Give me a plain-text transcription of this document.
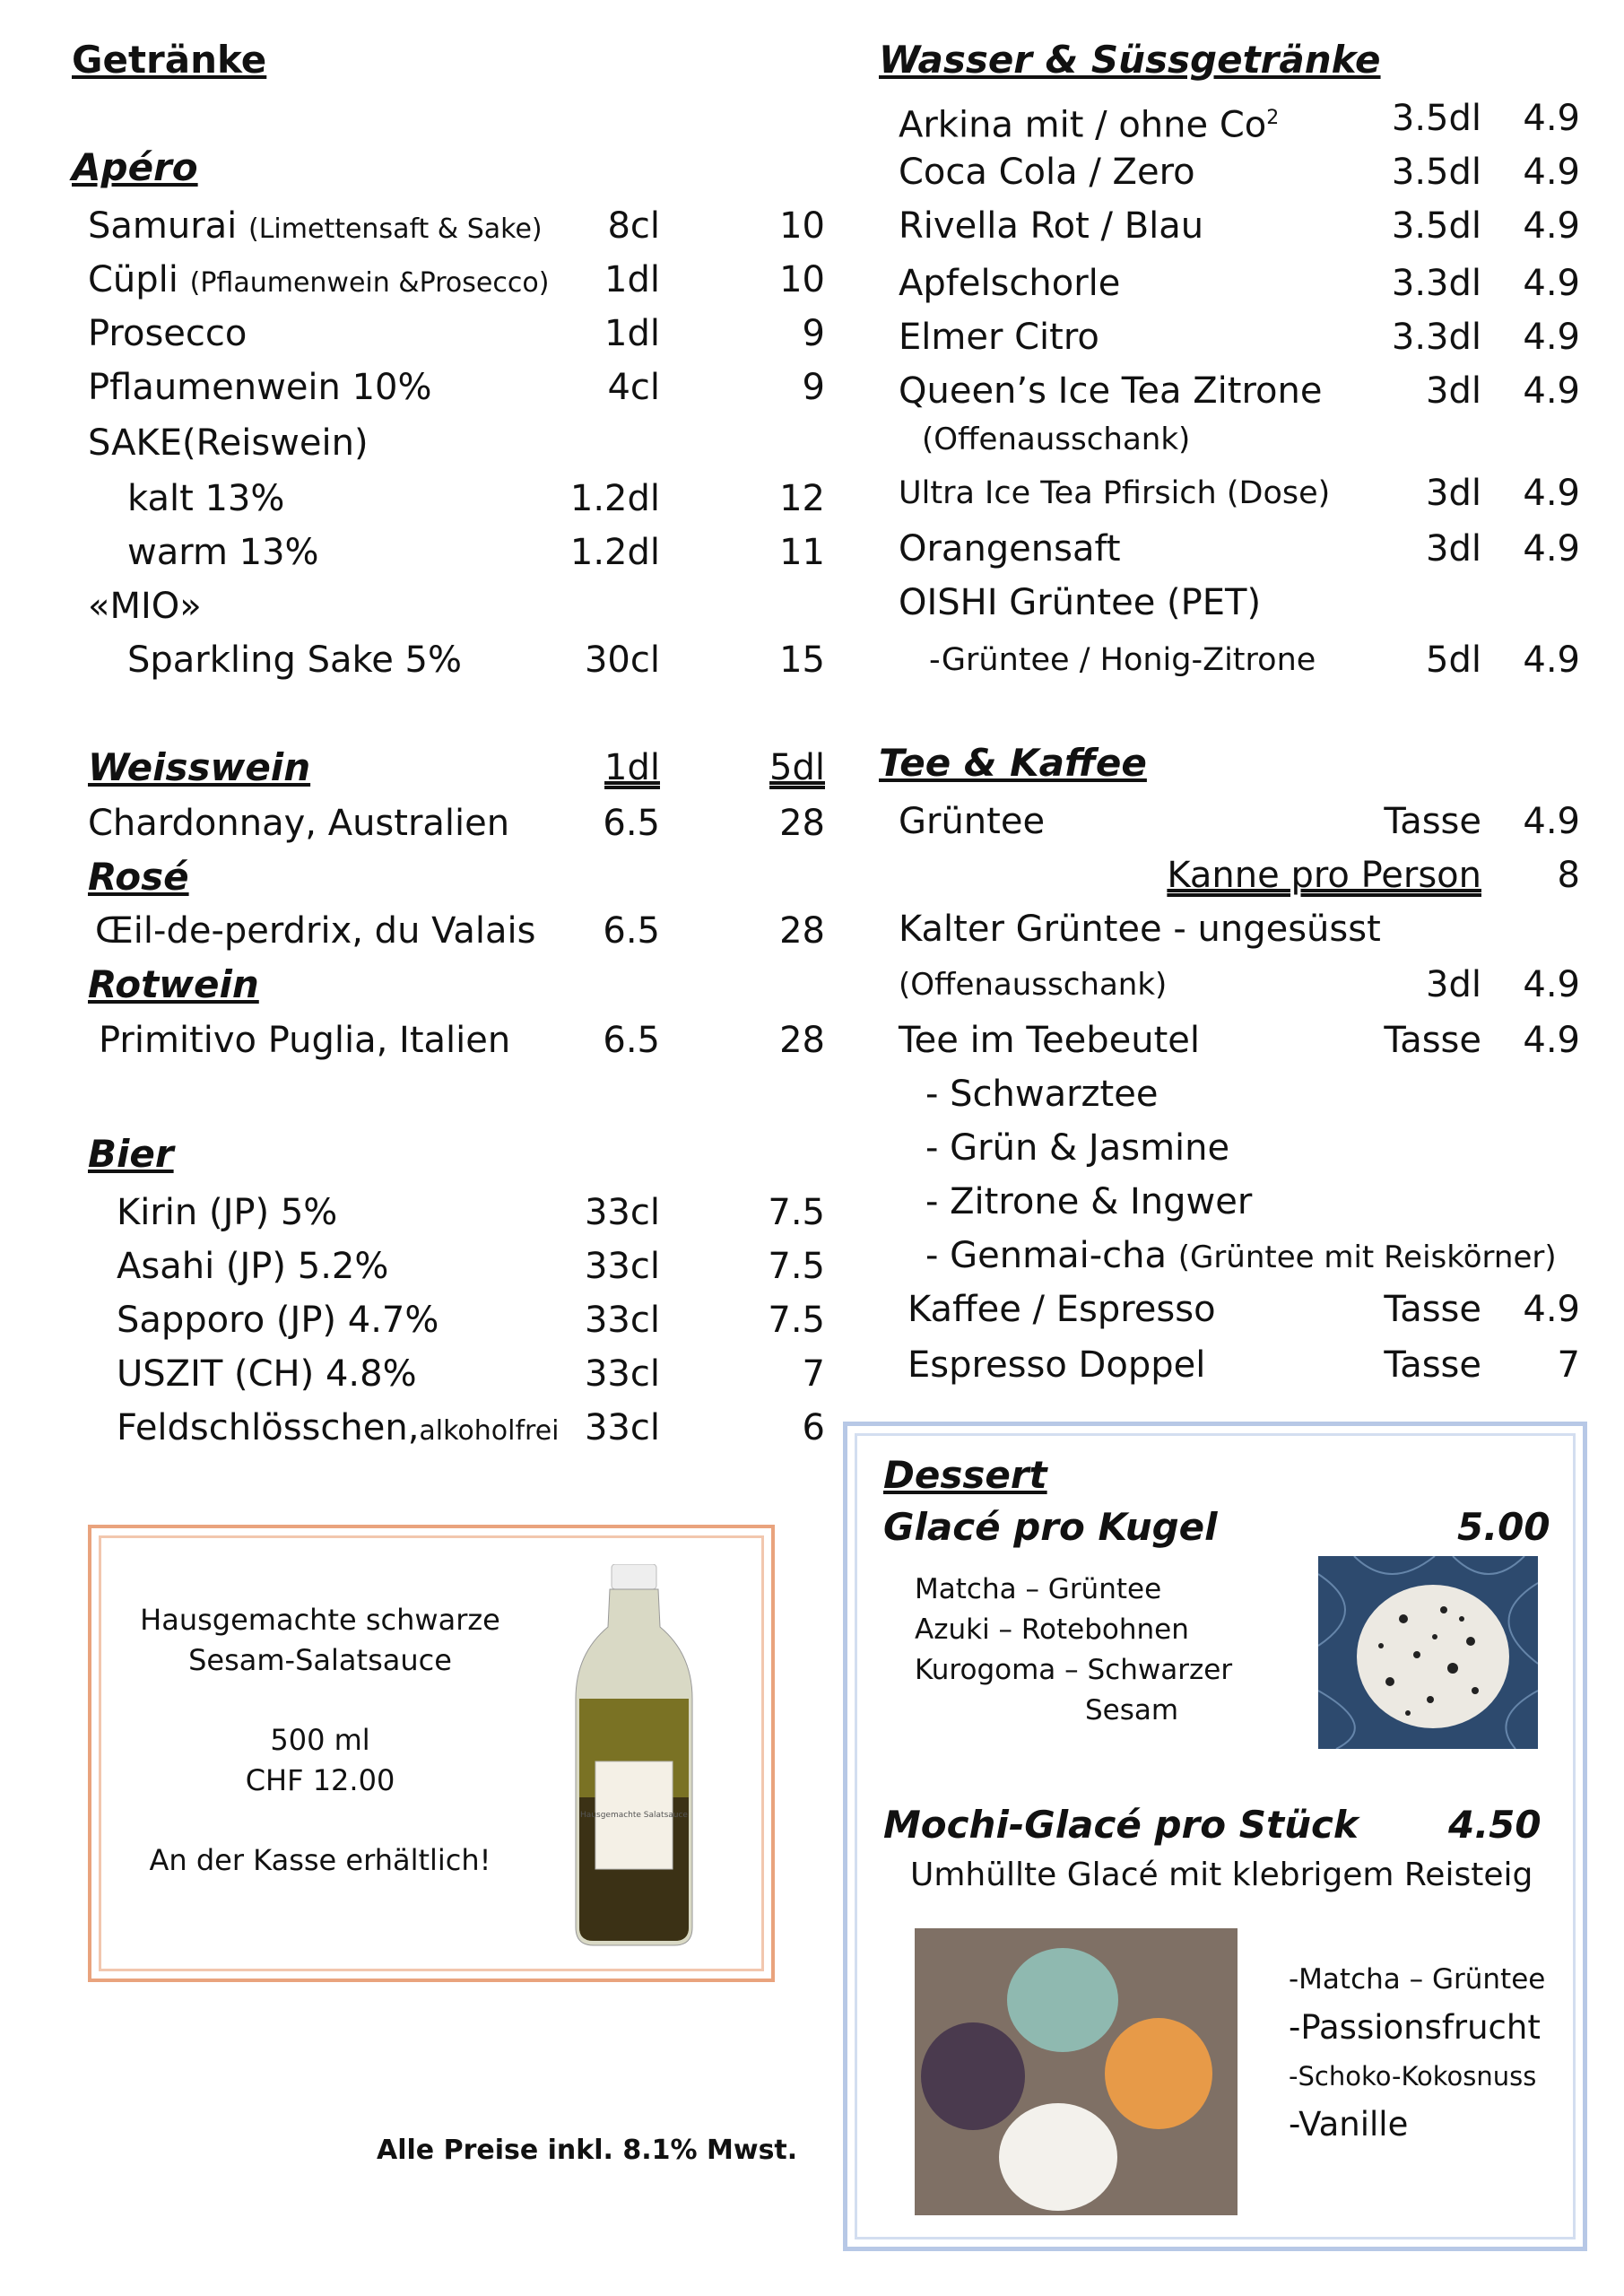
Getränke
Apéro
Samurai (Limettensaft & Sake) 8cl	10
Cüpli (Pflaumenwein &Prosecco) 1dl	10
Prosecco	1dl	9
Pflaumenwein 10%	4cl	9
SAKE(Reiswein)
kalt 13%	1.2dl	12
warm 13%	1.2dl	11
«MIO»
Sparkling Sake 5%	30cl	15
Weisswein	1dl	5dl
Chardonnay, Australien	6.5	28
Rosé
Œil-de-perdrix, du Valais 6.5	28
Rotwein
Primitivo Puglia, Italien	6.5	28
Bier
Kirin (JP) 5%	33cl	7.5
Asahi (JP) 5.2%	33cl	7.5
Sapporo (JP) 4.7%	33cl	7.5
USZIT (CH) 4.8%	33cl	7
Feldschlösschen,alkoholfrei 33cl	6
Hausgemachte schwarze
Sesam-Salatsauce
500 ml
CHF 12.00
An der Kasse erhältlich!
Hausgemachte Salatsauce
Alle Preise inkl. 8.1% Mwst.
Wasser & Süssgetränke
Arkina mit / ohne Co$^2$	3.5dl 4.9
Coca Cola / Zero	3.5dl 4.9
Rivella Rot / Blau	3.5dl 4.9
Apfelschorle	3.3dl 4.9
Elmer Citro	3.3dl 4.9
Queen’s Ice Tea Zitrone	3dl 4.9
(Offenausschank)
Ultra Ice Tea Pfirsich (Dose)	3dl 4.9
Orangensaft	3dl 4.9
OISHI Grüntee (PET)
-Grüntee / Honig-Zitrone	5dl 4.9
Tee & Kaffee
Grüntee	Tasse 4.9
Kanne pro Person 8
Kalter Grüntee - ungesüsst
(Offenausschank)	3dl 4.9
Tee im Teebeutel	Tasse 4.9
- Schwarztee
- Grün & Jasmine
- Zitrone & Ingwer
- Genmai-cha (Grüntee mit Reiskörner)
Kaffee / Espresso	Tasse 4.9
Espresso Doppel	Tasse 7
Dessert
Glacé pro Kugel	5.00
Matcha – Grüntee
Azuki – Rotebohnen
Kurogoma – Schwarzer
Sesam
Mochi-Glacé pro Stück 4.50
Umhüllte Glacé mit klebrigem Reisteig
-Matcha – Grüntee
-Passionsfrucht
-Schoko-Kokosnuss
-Vanille
